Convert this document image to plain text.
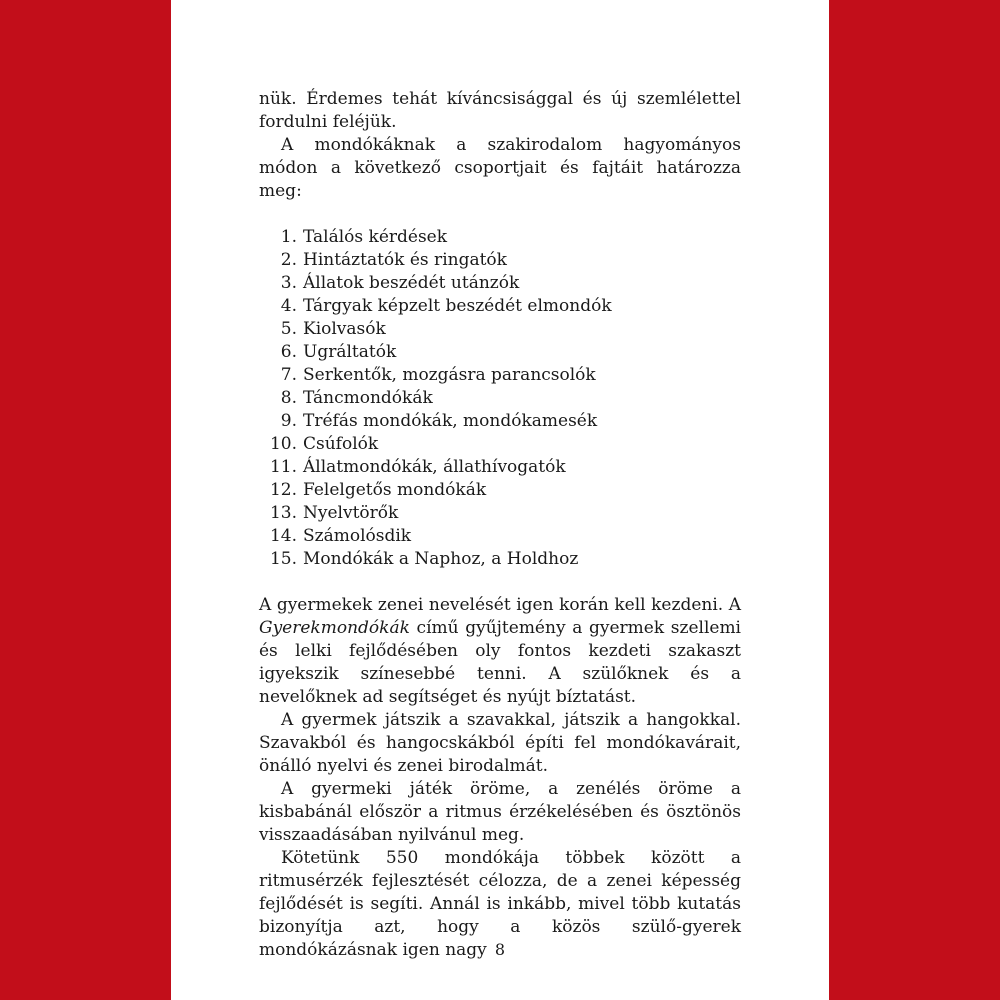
nük. Érdemes tehát kíváncsisággal és új szemlélettel fordulni feléjük.

A mondókáknak a szakirodalom hagyományos módon a következő csoportjait és fajtáit határozza meg:

1. Találós kérdések
2. Hintáztatók és ringatók
3. Állatok beszédét utánzók
4. Tárgyak képzelt beszédét elmondók
5. Kiolvasók
6. Ugráltatók
7. Serkentők, mozgásra parancsolók
8. Táncmondókák
9. Tréfás mondókák, mondókamesék
10. Csúfolók
11. Állatmondókák, állathívogatók
12. Felelgetős mondókák
13. Nyelvtörők
14. Számolósdik
15. Mondókák a Naphoz, a Holdhoz

A gyermekek zenei nevelését igen korán kell kezdeni. A Gyerekmondókák című gyűjtemény a gyermek szellemi és lelki fejlődésében oly fontos kezdeti szakaszt igyekszik színesebbé tenni. A szülőknek és a nevelőknek ad segítséget és nyújt bíztatást.

A gyermek játszik a szavakkal, játszik a hangokkal. Szavakból és hangocskákból építi fel mondókavárait, önálló nyelvi és zenei birodalmát.

A gyermeki játék öröme, a zenélés öröme a kisbabánál először a ritmus érzékelésében és ösztönös visszaadásában nyilvánul meg.

Kötetünk 550 mondókája többek között a ritmusérzék fejlesztését célozza, de a zenei képesség fejlődését is segíti. Annál is inkább, mivel több kutatás bizonyítja azt, hogy a közös szülő-gyerek mondókázásnak igen nagy 8
